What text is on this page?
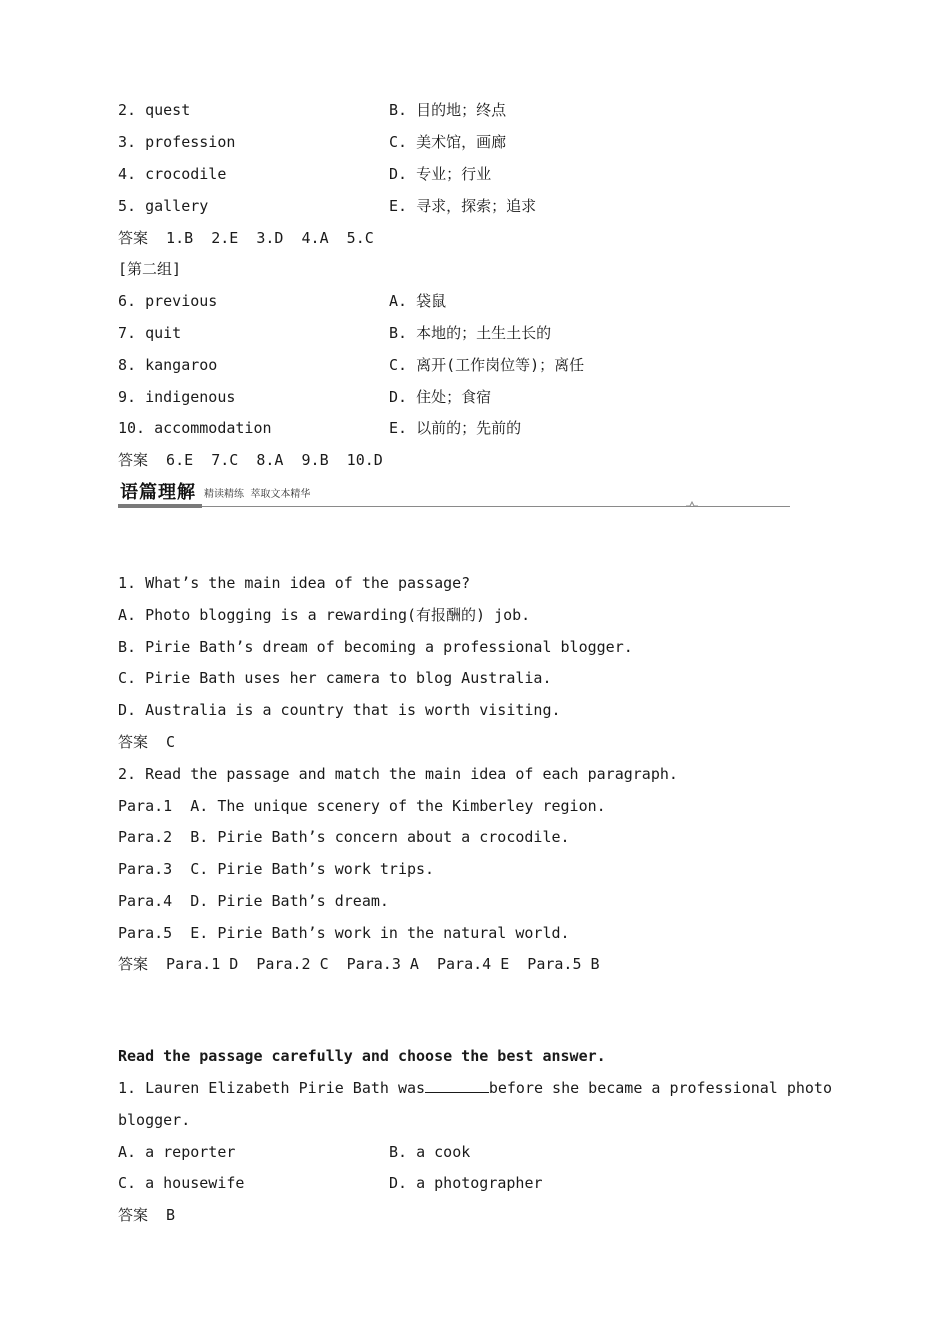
2. quest	B. 目的地；终点
3. profession	C. 美术馆，画廊
4. crocodile	D. 专业；行业
5. gallery	E. 寻求，探索；追求
答案  1.B  2.E  3.D  4.A  5.C
[第二组]
6. previous	A. 袋鼠
7. quit	B. 本地的；土生土长的
8. kangaroo	C. 离开(工作岗位等)；离任
9. indigenous	D. 住处；食宿
10. accommodation	E. 以前的；先前的
答案  6.E  7.C  8.A  9.B  10.D
语篇理解 精读精练  萃取文本精华
1. What’s the main idea of the passage?
A. Photo blogging is a rewarding(有报酬的) job.
B. Pirie Bath’s dream of becoming a professional blogger.
C. Pirie Bath uses her camera to blog Australia.
D. Australia is a country that is worth visiting.
答案  C
2. Read the passage and match the main idea of each paragraph.
Para.1  A. The unique scenery of the Kimberley region.
Para.2  B. Pirie Bath’s concern about a crocodile.
Para.3  C. Pirie Bath’s work trips.
Para.4  D. Pirie Bath’s dream.
Para.5  E. Pirie Bath’s work in the natural world.
答案  Para.1 D  Para.2 C  Para.3 A  Para.4 E  Para.5 B
Read the passage carefully and choose the best answer.
1. Lauren Elizabeth Pirie Bath was	before she became a professional photo
blogger.
A. a reporter	B. a cook
C. a housewife	D. a photographer
答案  B
